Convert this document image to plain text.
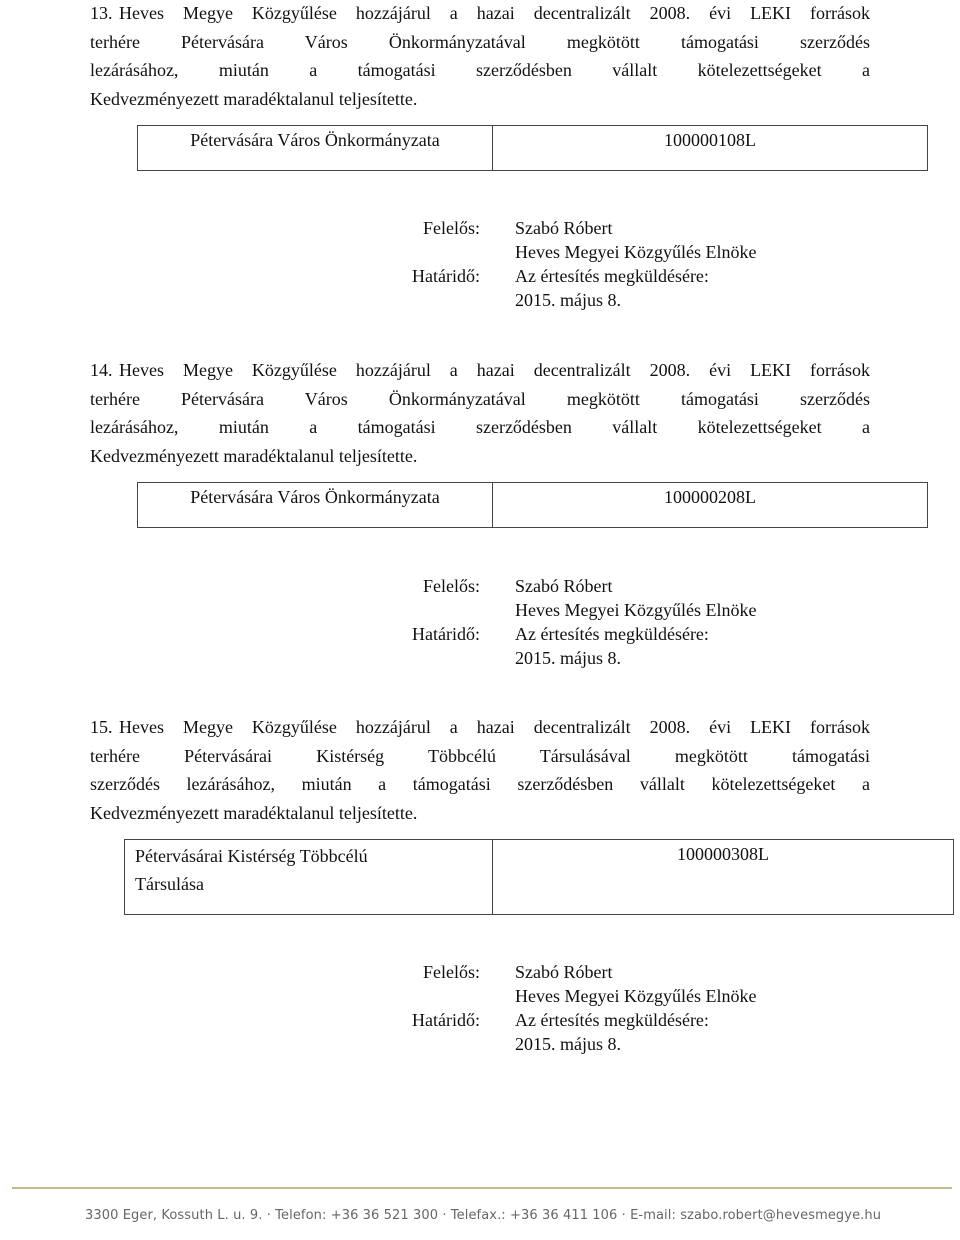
13. Heves Megye Közgyűlése hozzájárul a hazai decentralizált 2008. évi LEKI források
terhére Pétervására Város Önkormányzatával megkötött támogatási szerződés
lezárásához, miután a támogatási szerződésben vállalt kötelezettségeket a
Kedvezményezett maradéktalanul teljesítette.
Pétervására Város Önkormányzata	100000108L
Felelős:	Szabó Róbert
Heves Megyei Közgyűlés Elnöke
Határidő:	Az értesítés megküldésére:
2015. május 8.
14. Heves Megye Közgyűlése hozzájárul a hazai decentralizált 2008. évi LEKI források
terhére Pétervására Város Önkormányzatával megkötött támogatási szerződés
lezárásához, miután a támogatási szerződésben vállalt kötelezettségeket a
Kedvezményezett maradéktalanul teljesítette.
Pétervására Város Önkormányzata	100000208L
Felelős:	Szabó Róbert
Heves Megyei Közgyűlés Elnöke
Határidő:	Az értesítés megküldésére:
2015. május 8.
15. Heves Megye Közgyűlése hozzájárul a hazai decentralizált 2008. évi LEKI források
terhére Pétervásárai Kistérség Többcélú Társulásával megkötött támogatási
szerződés lezárásához, miután a támogatási szerződésben vállalt kötelezettségeket a
Kedvezményezett maradéktalanul teljesítette.
Pétervásárai Kistérség Többcélú
Társulása
	100000308L
Felelős:	Szabó Róbert
Heves Megyei Közgyűlés Elnöke
Határidő:	Az értesítés megküldésére:
2015. május 8.
3300 Eger, Kossuth L. u. 9. · Telefon: +36 36 521 300 · Telefax.: +36 36 411 106 · E-mail: szabo.robert@hevesmegye.hu
